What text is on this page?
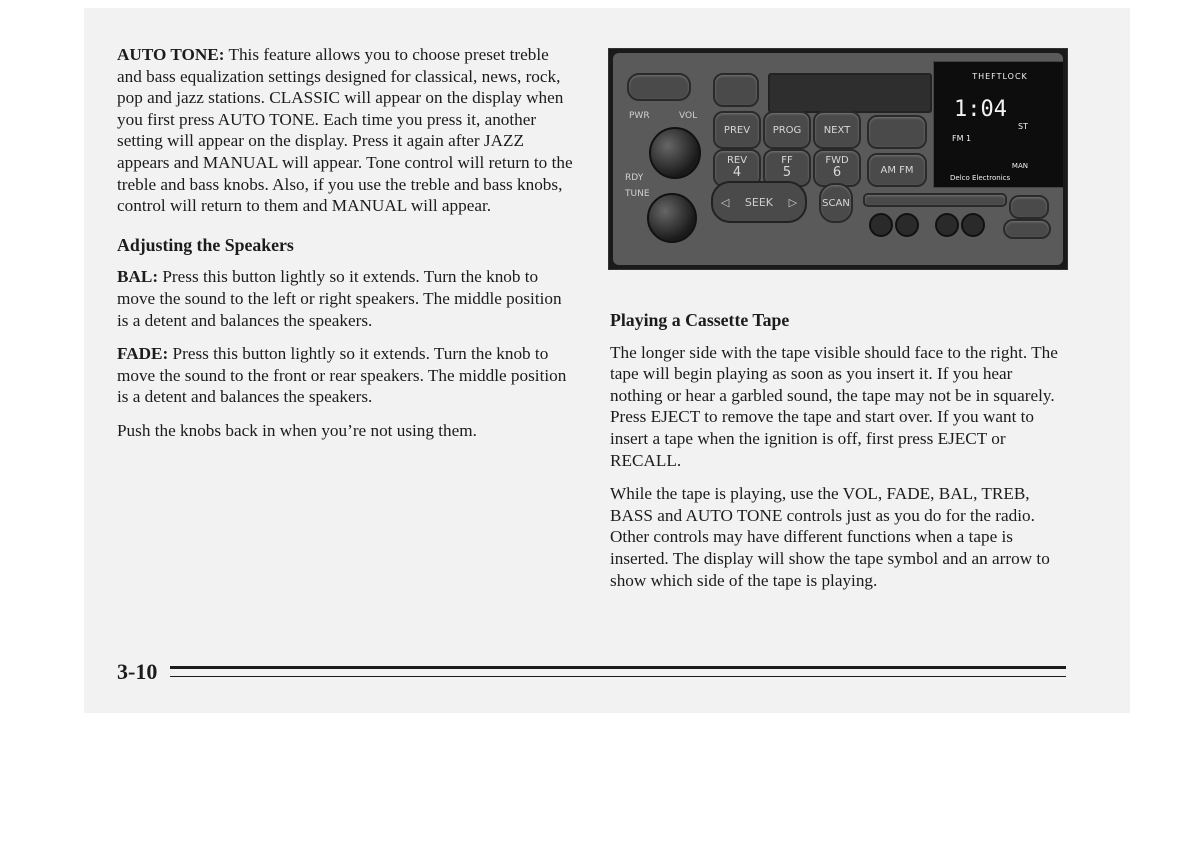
AUTO TONE: This feature allows you to choose preset treble and bass equalization settings designed for classical, news, rock, pop and jazz stations. CLASSIC will appear on the display when you first press AUTO TONE. Each time you press it, another setting will appear on the display. Press it again after JAZZ appears and MANUAL will appear. Tone control will return to the treble and bass knobs. Also, if you use the treble and bass knobs, control will return to them and MANUAL will appear.

Adjusting the Speakers

BAL: Press this button lightly so it extends. Turn the knob to move the sound to the left or right speakers. The middle position is a detent and balances the speakers.

FADE: Press this button lightly so it extends. Turn the knob to move the sound to the front or rear speakers. The middle position is a detent and balances the speakers.

Push the knobs back in when you’re not using them.

PWR	VOL
RDY
TUNE
PREV PROG NEXT
REV
4
FF
5
FWD
6	AM FM
◁ SEEK ▷	SCAN
THEFTLOCK
1:04
ST
FM 1
MAN
Delco Electronics
Playing a Cassette Tape

The longer side with the tape visible should face to the right. The tape will begin playing as soon as you insert it. If you hear nothing or hear a garbled sound, the tape may not be in squarely. Press EJECT to remove the tape and start over. If you want to insert a tape when the ignition is off, first press EJECT or RECALL.

While the tape is playing, use the VOL, FADE, BAL, TREB, BASS and AUTO TONE controls just as you do for the radio. Other controls may have different functions when a tape is inserted. The display will show the tape symbol and an arrow to show which side of the tape is playing.

3-10
